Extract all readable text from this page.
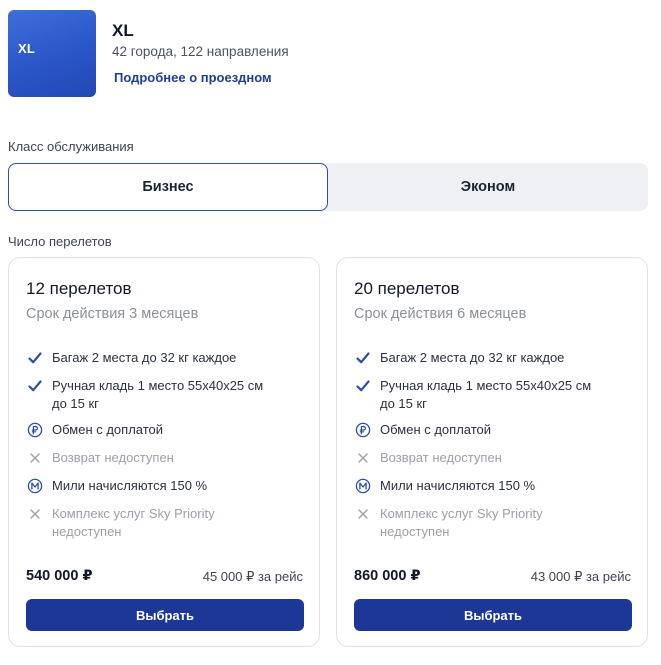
XL
XL
42 города, 122 направления
Подробнее о проездном
Класс обслуживания
Бизнес	Эконом
Число перелетов
12 перелетов
Срок действия 3 месяцев
Багаж 2 места до 32 кг каждое
Ручная кладь 1 место 55х40х25 см
до 15 кг
Обмен с доплатой
Возврат недоступен
Мили начисляются 150 %
Комплекс услуг Sky Priority
недоступен
540 000 ₽	45 000 ₽ за рейс
Выбрать
20 перелетов
Срок действия 6 месяцев
Багаж 2 места до 32 кг каждое
Ручная кладь 1 место 55х40х25 см
до 15 кг
Обмен с доплатой
Возврат недоступен
Мили начисляются 150 %
Комплекс услуг Sky Priority
недоступен
860 000 ₽	43 000 ₽ за рейс
Выбрать
